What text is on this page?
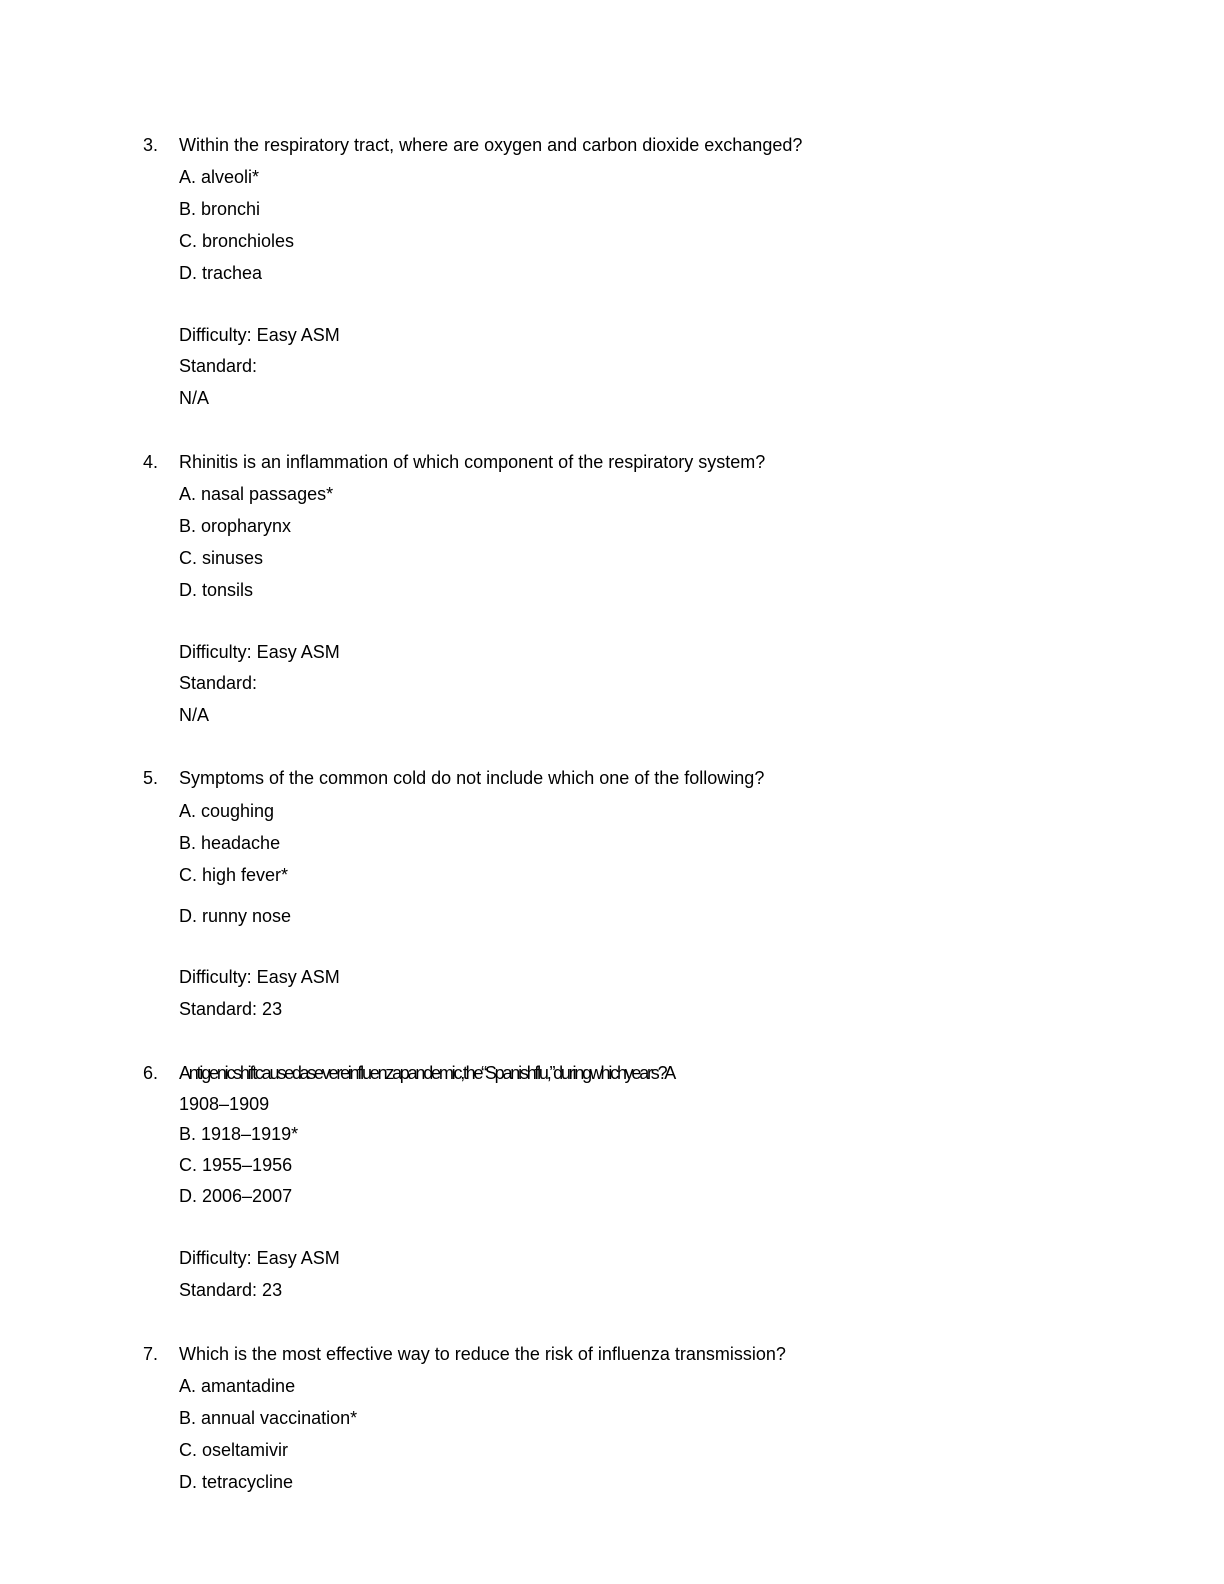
3. Within the respiratory tract, where are oxygen and carbon dioxide exchanged?
A. alveoli*
B. bronchi
C. bronchioles
D. trachea
Difficulty: Easy ASM
Standard:
N/A
4. Rhinitis is an inflammation of which component of the respiratory system?
A. nasal passages*
B. oropharynx
C. sinuses
D. tonsils
Difficulty: Easy ASM
Standard:
N/A
5. Symptoms of the common cold do not include which one of the following?
A. coughing
B. headache
C. high fever*
D. runny nose
Difficulty: Easy ASM
Standard: 23
6. Antigenic shift caused a severe influenza pandemic, the “Spanish flu,” during which years? A
1908–1909
B. 1918–1919*
C. 1955–1956
D. 2006–2007
Difficulty: Easy ASM
Standard: 23
7. Which is the most effective way to reduce the risk of influenza transmission?
A. amantadine
B. annual vaccination*
C. oseltamivir
D. tetracycline
